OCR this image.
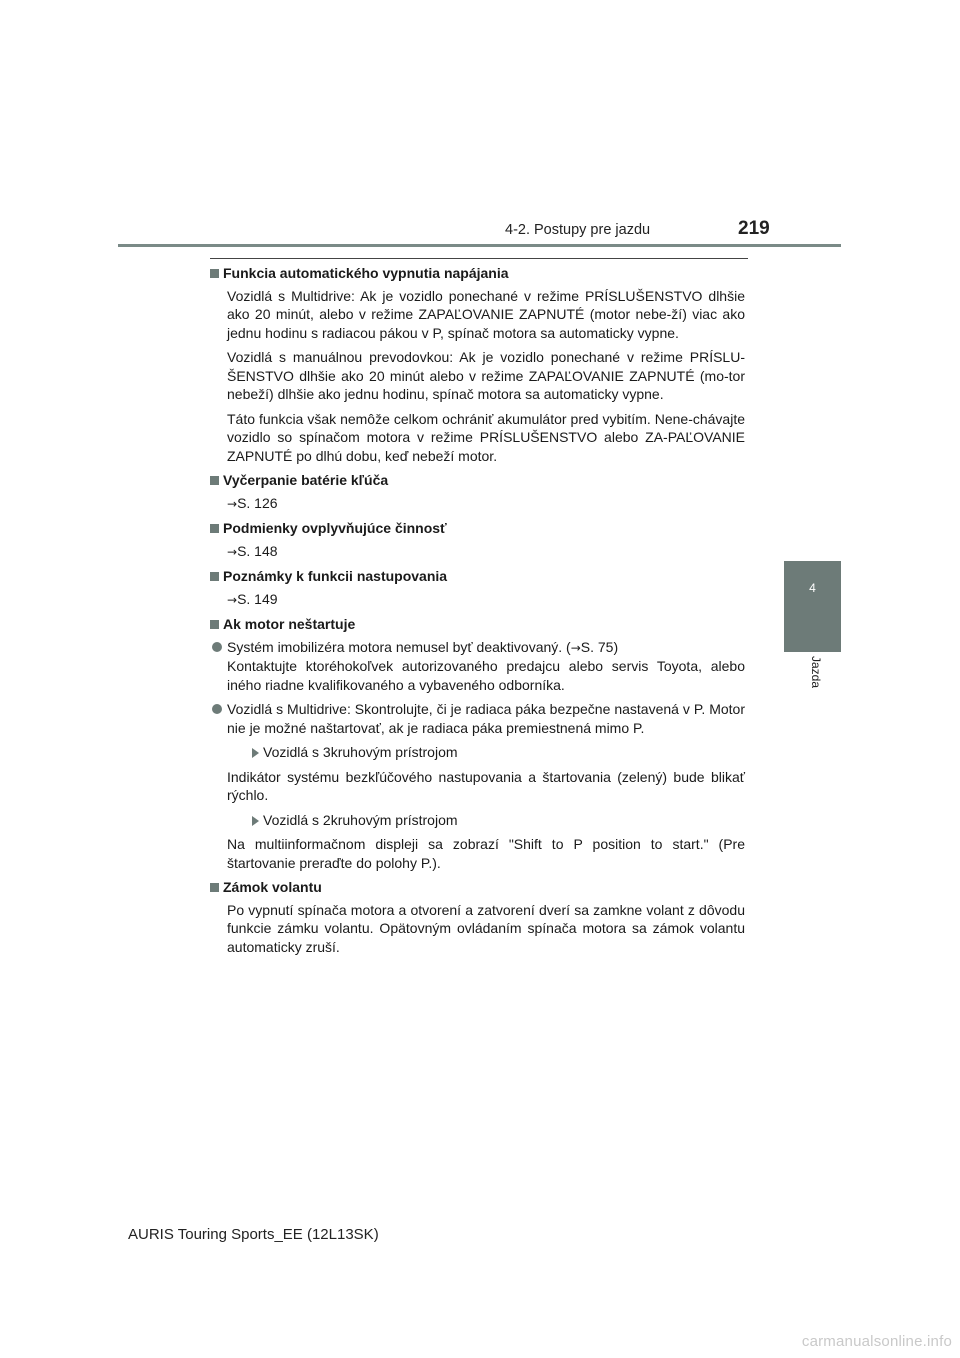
4-2. Postupy pre jazdu	219
4
Jazda
Funkcia automatického vypnutia napájania
Vozidlá s Multidrive: Ak je vozidlo ponechané v režime PRÍSLUŠENSTVO dlhšie ako 20 minút, alebo v režime ZAPAĽOVANIE ZAPNUTÉ (motor nebe-ží) viac ako jednu hodinu s radiacou pákou v P, spínač motora sa automaticky vypne.
Vozidlá s manuálnou prevodovkou: Ak je vozidlo ponechané v režime PRÍSLU-ŠENSTVO dlhšie ako 20 minút alebo v režime ZAPAĽOVANIE ZAPNUTÉ (mo-tor nebeží) dlhšie ako jednu hodinu, spínač motora sa automaticky vypne.
Táto funkcia však nemôže celkom ochrániť akumulátor pred vybitím. Nene-chávajte vozidlo so spínačom motora v režime PRÍSLUŠENSTVO alebo ZA-PAĽOVANIE ZAPNUTÉ po dlhú dobu, keď nebeží motor.
Vyčerpanie batérie kľúča
→S. 126
Podmienky ovplyvňujúce činnosť
→S. 148
Poznámky k funkcii nastupovania
→S. 149
Ak motor neštartuje
Systém imobilizéra motora nemusel byť deaktivovaný. (→S. 75)
Kontaktujte ktoréhokoľvek autorizovaného predajcu alebo servis Toyota, alebo iného riadne kvalifikovaného a vybaveného odborníka.
Vozidlá s Multidrive: Skontrolujte, či je radiaca páka bezpečne nastavená v P. Motor nie je možné naštartovať, ak je radiaca páka premiestnená mimo P.
Vozidlá s 3kruhovým prístrojom
Indikátor systému bezkľúčového nastupovania a štartovania (zelený) bude blikať rýchlo.
Vozidlá s 2kruhovým prístrojom
Na multiinformačnom displeji sa zobrazí "Shift to P position to start." (Pre štartovanie preraďte do polohy P.).
Zámok volantu
Po vypnutí spínača motora a otvorení a zatvorení dverí sa zamkne volant z dôvodu funkcie zámku volantu. Opätovným ovládaním spínača motora sa zámok volantu automaticky zruší.
AURIS Touring Sports_EE (12L13SK)
carmanualsonline.info
